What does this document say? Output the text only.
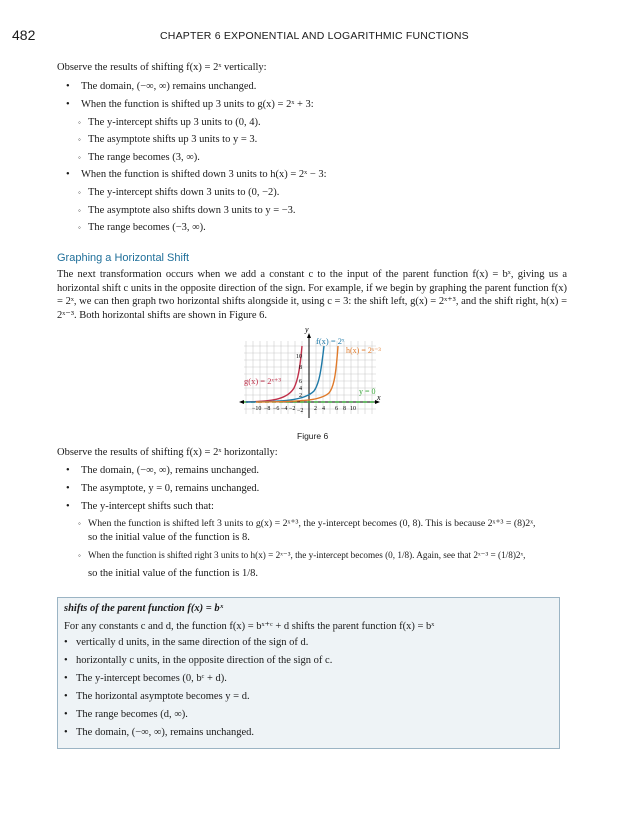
482	CHAPTER 6 EXPONENTIAL AND LOGARITHMIC FUNCTIONS
Observe the results of shifting f(x) = 2ˣ vertically:
• The domain, (−∞, ∞) remains unchanged.
• When the function is shifted up 3 units to g(x) = 2ˣ + 3:
◦ The y-intercept shifts up 3 units to (0, 4).
◦ The asymptote shifts up 3 units to y = 3.
◦ The range becomes (3, ∞).
• When the function is shifted down 3 units to h(x) = 2ˣ − 3:
◦ The y-intercept shifts down 3 units to (0, −2).
◦ The asymptote also shifts down 3 units to y = −3.
◦ The range becomes (−3, ∞).
Graphing a Horizontal Shift
The next transformation occurs when we add a constant c to the input of the parent function f(x) = bˣ, giving us a horizontal shift c units in the opposite direction of the sign. For example, if we begin by graphing the parent function f(x) = 2ˣ, we can then graph two horizontal shifts alongside it, using c = 3: the shift left, g(x) = 2ˣ⁺³, and the shift right, h(x) = 2ˣ⁻³. Both horizontal shifts are shown in Figure 6.
y
x
10
8
6
4
2
−2
−10 −8 −6 −4 −2	2 4 6 8 10
f(x) = 2ˣ
h(x) = 2ˣ⁻³
g(x) = 2ˣ⁺³
y = 0
Figure 6
Observe the results of shifting f(x) = 2ˣ horizontally:
• The domain, (−∞, ∞), remains unchanged.
• The asymptote, y = 0, remains unchanged.
• The y-intercept shifts such that:
◦ When the function is shifted left 3 units to g(x) = 2ˣ⁺³, the y-intercept becomes (0, 8). This is because 2ˣ⁺³ = (8)2ˣ,
so the initial value of the function is 8.
◦ When the function is shifted right 3 units to h(x) = 2ˣ⁻³, the y-intercept becomes (0, 1/8). Again, see that 2ˣ⁻³ = (1/8)2ˣ,
so the initial value of the function is 1/8.
shifts of the parent function f(x) = bˣ
For any constants c and d, the function f(x) = bˣ⁺ᶜ + d shifts the parent function f(x) = bˣ
• vertically d units, in the same direction of the sign of d.
• horizontally c units, in the opposite direction of the sign of c.
• The y-intercept becomes (0, bᶜ + d).
• The horizontal asymptote becomes y = d.
• The range becomes (d, ∞).
• The domain, (−∞, ∞), remains unchanged.
